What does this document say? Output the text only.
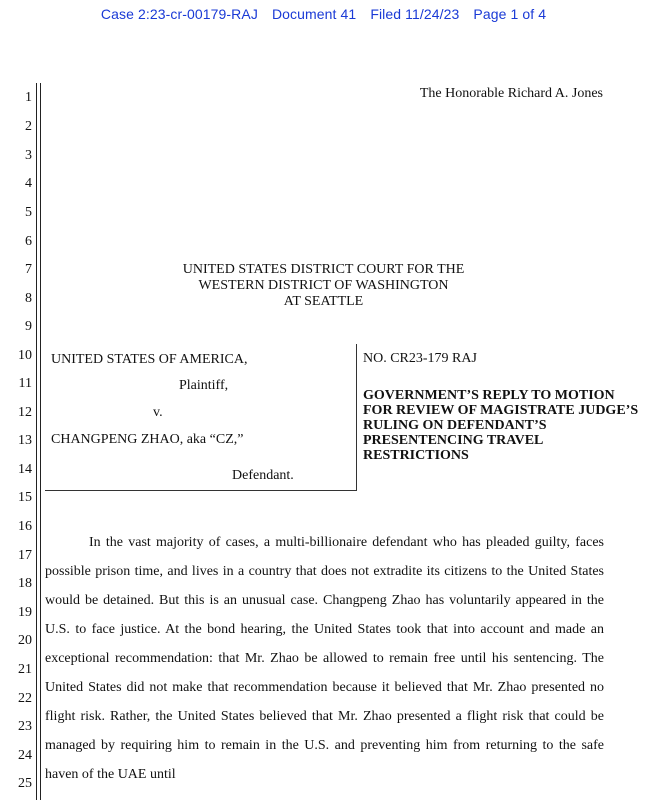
Case 2:23-cr-00179-RAJ Document 41 Filed 11/24/23 Page 1 of 4
1
2
3
4
5
6
7
8
9
10
11
12
13
14
15
16
17
18
19
20
21
22
23
24
25
The Honorable Richard A. Jones
UNITED STATES DISTRICT COURT FOR THE
WESTERN DISTRICT OF WASHINGTON
AT SEATTLE
UNITED STATES OF AMERICA,
Plaintiff,
v.
CHANGPENG ZHAO, aka “CZ,”
Defendant.
NO. CR23-179 RAJ
GOVERNMENT’S REPLY TO MOTION FOR REVIEW OF MAGISTRATE JUDGE’S RULING ON DEFENDANT’S PRESENTENCING TRAVEL RESTRICTIONS
In the vast majority of cases, a multi-billionaire defendant who has pleaded guilty, faces possible prison time, and lives in a country that does not extradite its citizens to the United States would be detained. But this is an unusual case. Changpeng Zhao has voluntarily appeared in the U.S. to face justice. At the bond hearing, the United States took that into account and made an exceptional recommendation: that Mr. Zhao be allowed to remain free until his sentencing. The United States did not make that recommendation because it believed that Mr. Zhao presented no flight risk. Rather, the United States believed that Mr. Zhao presented a flight risk that could be managed by requiring him to remain in the U.S. and preventing him from returning to the safe haven of the UAE until
